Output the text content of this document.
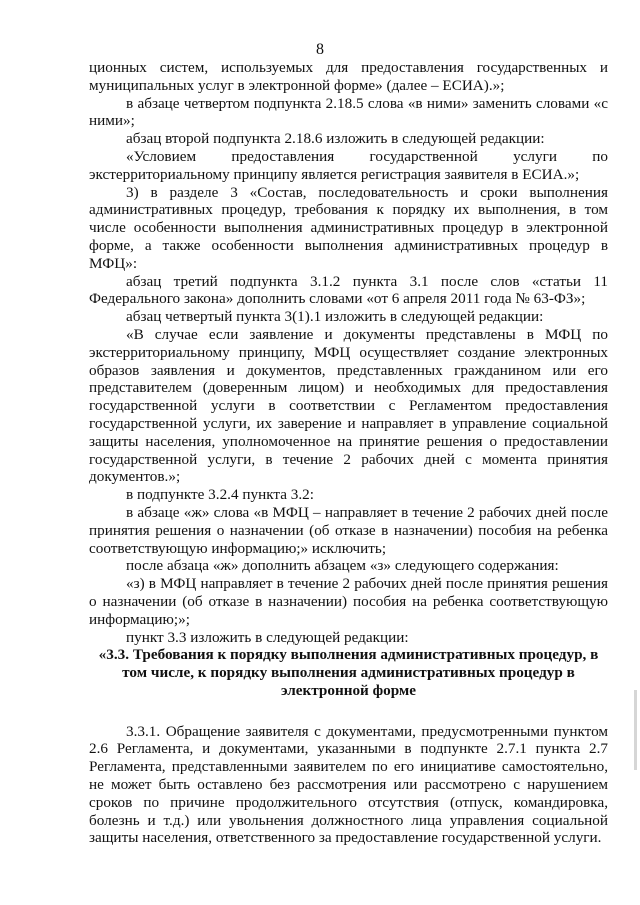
8

ционных систем, используемых для предоставления государственных и муниципальных услуг в электронной форме» (далее – ЕСИА).»;

в абзаце четвертом подпункта 2.18.5 слова «в ними» заменить словами «с ними»;

абзац второй подпункта 2.18.6 изложить в следующей редакции:

«Условием предоставления государственной услуги по экстерриториальному принципу является регистрация заявителя в ЕСИА.»;

3) в разделе 3 «Состав, последовательность и сроки выполнения административных процедур, требования к порядку их выполнения, в том числе особенности выполнения административных процедур в электронной форме, а также особенности выполнения административных процедур в МФЦ»:

абзац третий подпункта 3.1.2 пункта 3.1 после слов «статьи 11 Федерального закона» дополнить словами «от 6 апреля 2011 года № 63-ФЗ»;

абзац четвертый пункта 3(1).1 изложить в следующей редакции:

«В случае если заявление и документы представлены в МФЦ по экстерриториальному принципу, МФЦ осуществляет создание электронных образов заявления и документов, представленных гражданином или его представителем (доверенным лицом) и необходимых для предоставления государственной услуги в соответствии с Регламентом предоставления государственной услуги, их заверение и направляет в управление социальной защиты населения, уполномоченное на принятие решения о предоставлении государственной услуги, в течение 2 рабочих дней с момента принятия документов.»;

в подпункте 3.2.4 пункта 3.2:

в абзаце «ж» слова «в МФЦ – направляет в течение 2 рабочих дней после принятия решения о назначении (об отказе в назначении) пособия на ребенка соответствующую информацию;» исключить;

после абзаца «ж» дополнить абзацем «з» следующего содержания:

«з) в МФЦ направляет в течение 2 рабочих дней после принятия решения о назначении (об отказе в назначении) пособия на ребенка соответствующую информацию;»;

пункт 3.3 изложить в следующей редакции:

«3.3. Требования к порядку выполнения административных процедур, в том числе, к порядку выполнения административных процедур в электронной форме

3.3.1. Обращение заявителя с документами, предусмотренными пунктом 2.6 Регламента, и документами, указанными в подпункте 2.7.1 пункта 2.7 Регламента, представленными заявителем по его инициативе самостоятельно, не может быть оставлено без рассмотрения или рассмотрено с нарушением сроков по причине продолжительного отсутствия (отпуск, командировка, болезнь и т.д.) или увольнения должностного лица управления социальной защиты населения, ответственного за предоставление государственной услуги.
